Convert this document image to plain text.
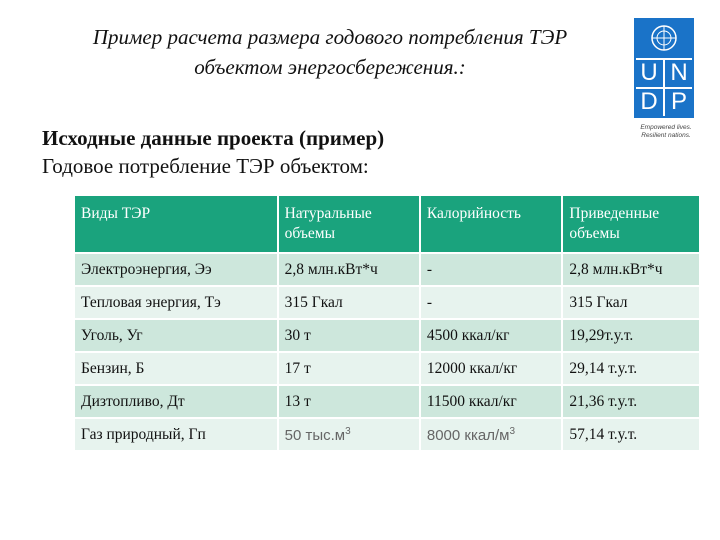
Пример расчета размера годового потребления ТЭР
объектом энергосбережения.:	U N
D P
Empowered lives.
Resilient nations.
Исходные данные проекта (пример)
Годовое потребление ТЭР объектом:
Виды ТЭР	Натуральные объемы	Калорийность	Приведенные объемы
Электроэнергия, Ээ	2,8 млн.кВт*ч	-	2,8 млн.кВт*ч
Тепловая энергия, Тэ	315 Гкал	-	315 Гкал
Уголь, Уг	30 т	4500 ккал/кг	19,29т.у.т.
Бензин, Б	17 т	12000 ккал/кг	29,14 т.у.т.
Дизтопливо, Дт	13 т	11500 ккал/кг	21,36 т.у.т.
Газ природный, Гп	50 $тыс.м^3$	8000 ккал/$м^3$	57,14 т.у.т.
